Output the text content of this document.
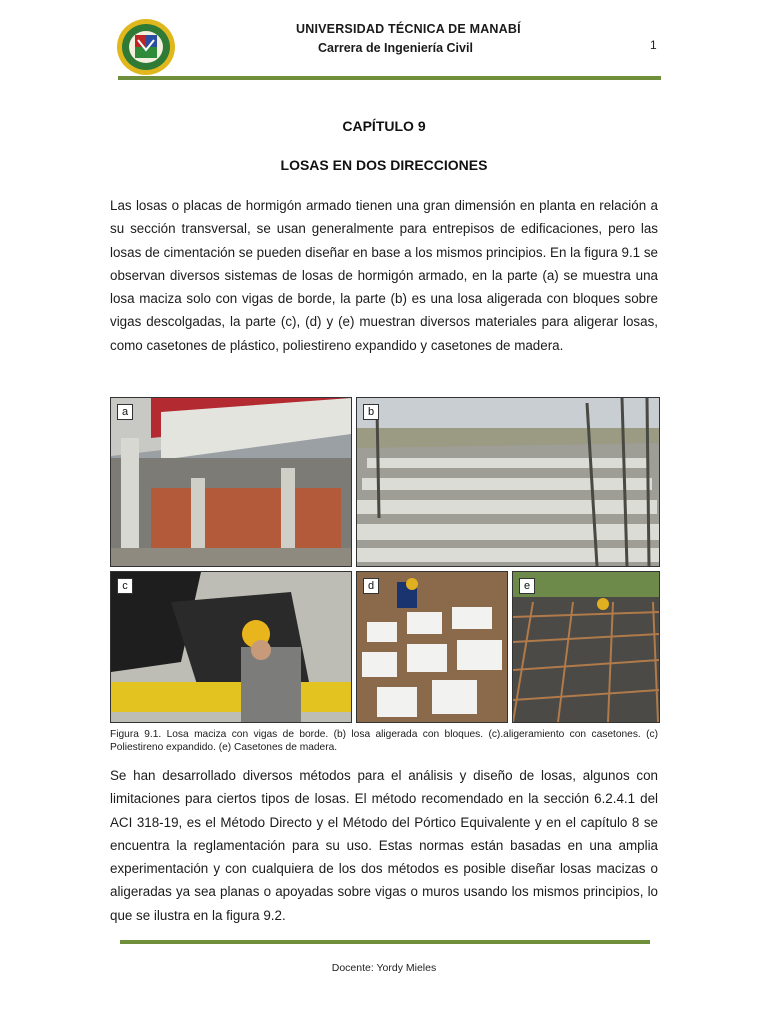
UNIVERSIDAD TÉCNICA DE MANABÍ
Carrera de Ingeniería Civil	1
CAPÍTULO 9
LOSAS EN DOS DIRECCIONES
Las losas o placas de hormigón armado tienen una gran dimensión en planta en relación a su sección transversal, se usan generalmente para entrepisos de edificaciones, pero las losas de cimentación se pueden diseñar en base a los mismos principios. En la figura 9.1 se observan diversos sistemas de losas de hormigón armado, en la parte (a) se muestra una losa maciza solo con vigas de borde, la parte (b) es una losa aligerada con bloques sobre vigas descolgadas, la parte (c), (d) y (e) muestran diversos materiales para aligerar losas, como casetones de plástico, poliestireno expandido y casetones de madera.
a	b
c	d	e
Figura 9.1. Losa maciza con vigas de borde. (b) losa aligerada con bloques. (c).aligeramiento con casetones. (c) Poliestireno expandido. (e) Casetones de madera.
Se han desarrollado diversos métodos para el análisis y diseño de losas, algunos con limitaciones para ciertos tipos de losas. El método recomendado en la sección 6.2.4.1 del ACI 318-19, es el Método Directo y el Método del Pórtico Equivalente y en el capítulo 8 se encuentra la reglamentación para su uso. Estas normas están basadas en una amplia experimentación y con cualquiera de los dos métodos es posible diseñar losas macizas o aligeradas ya sea planas o apoyadas sobre vigas o muros usando los mismos principios, lo que se ilustra en la figura 9.2.
Docente: Yordy Mieles
